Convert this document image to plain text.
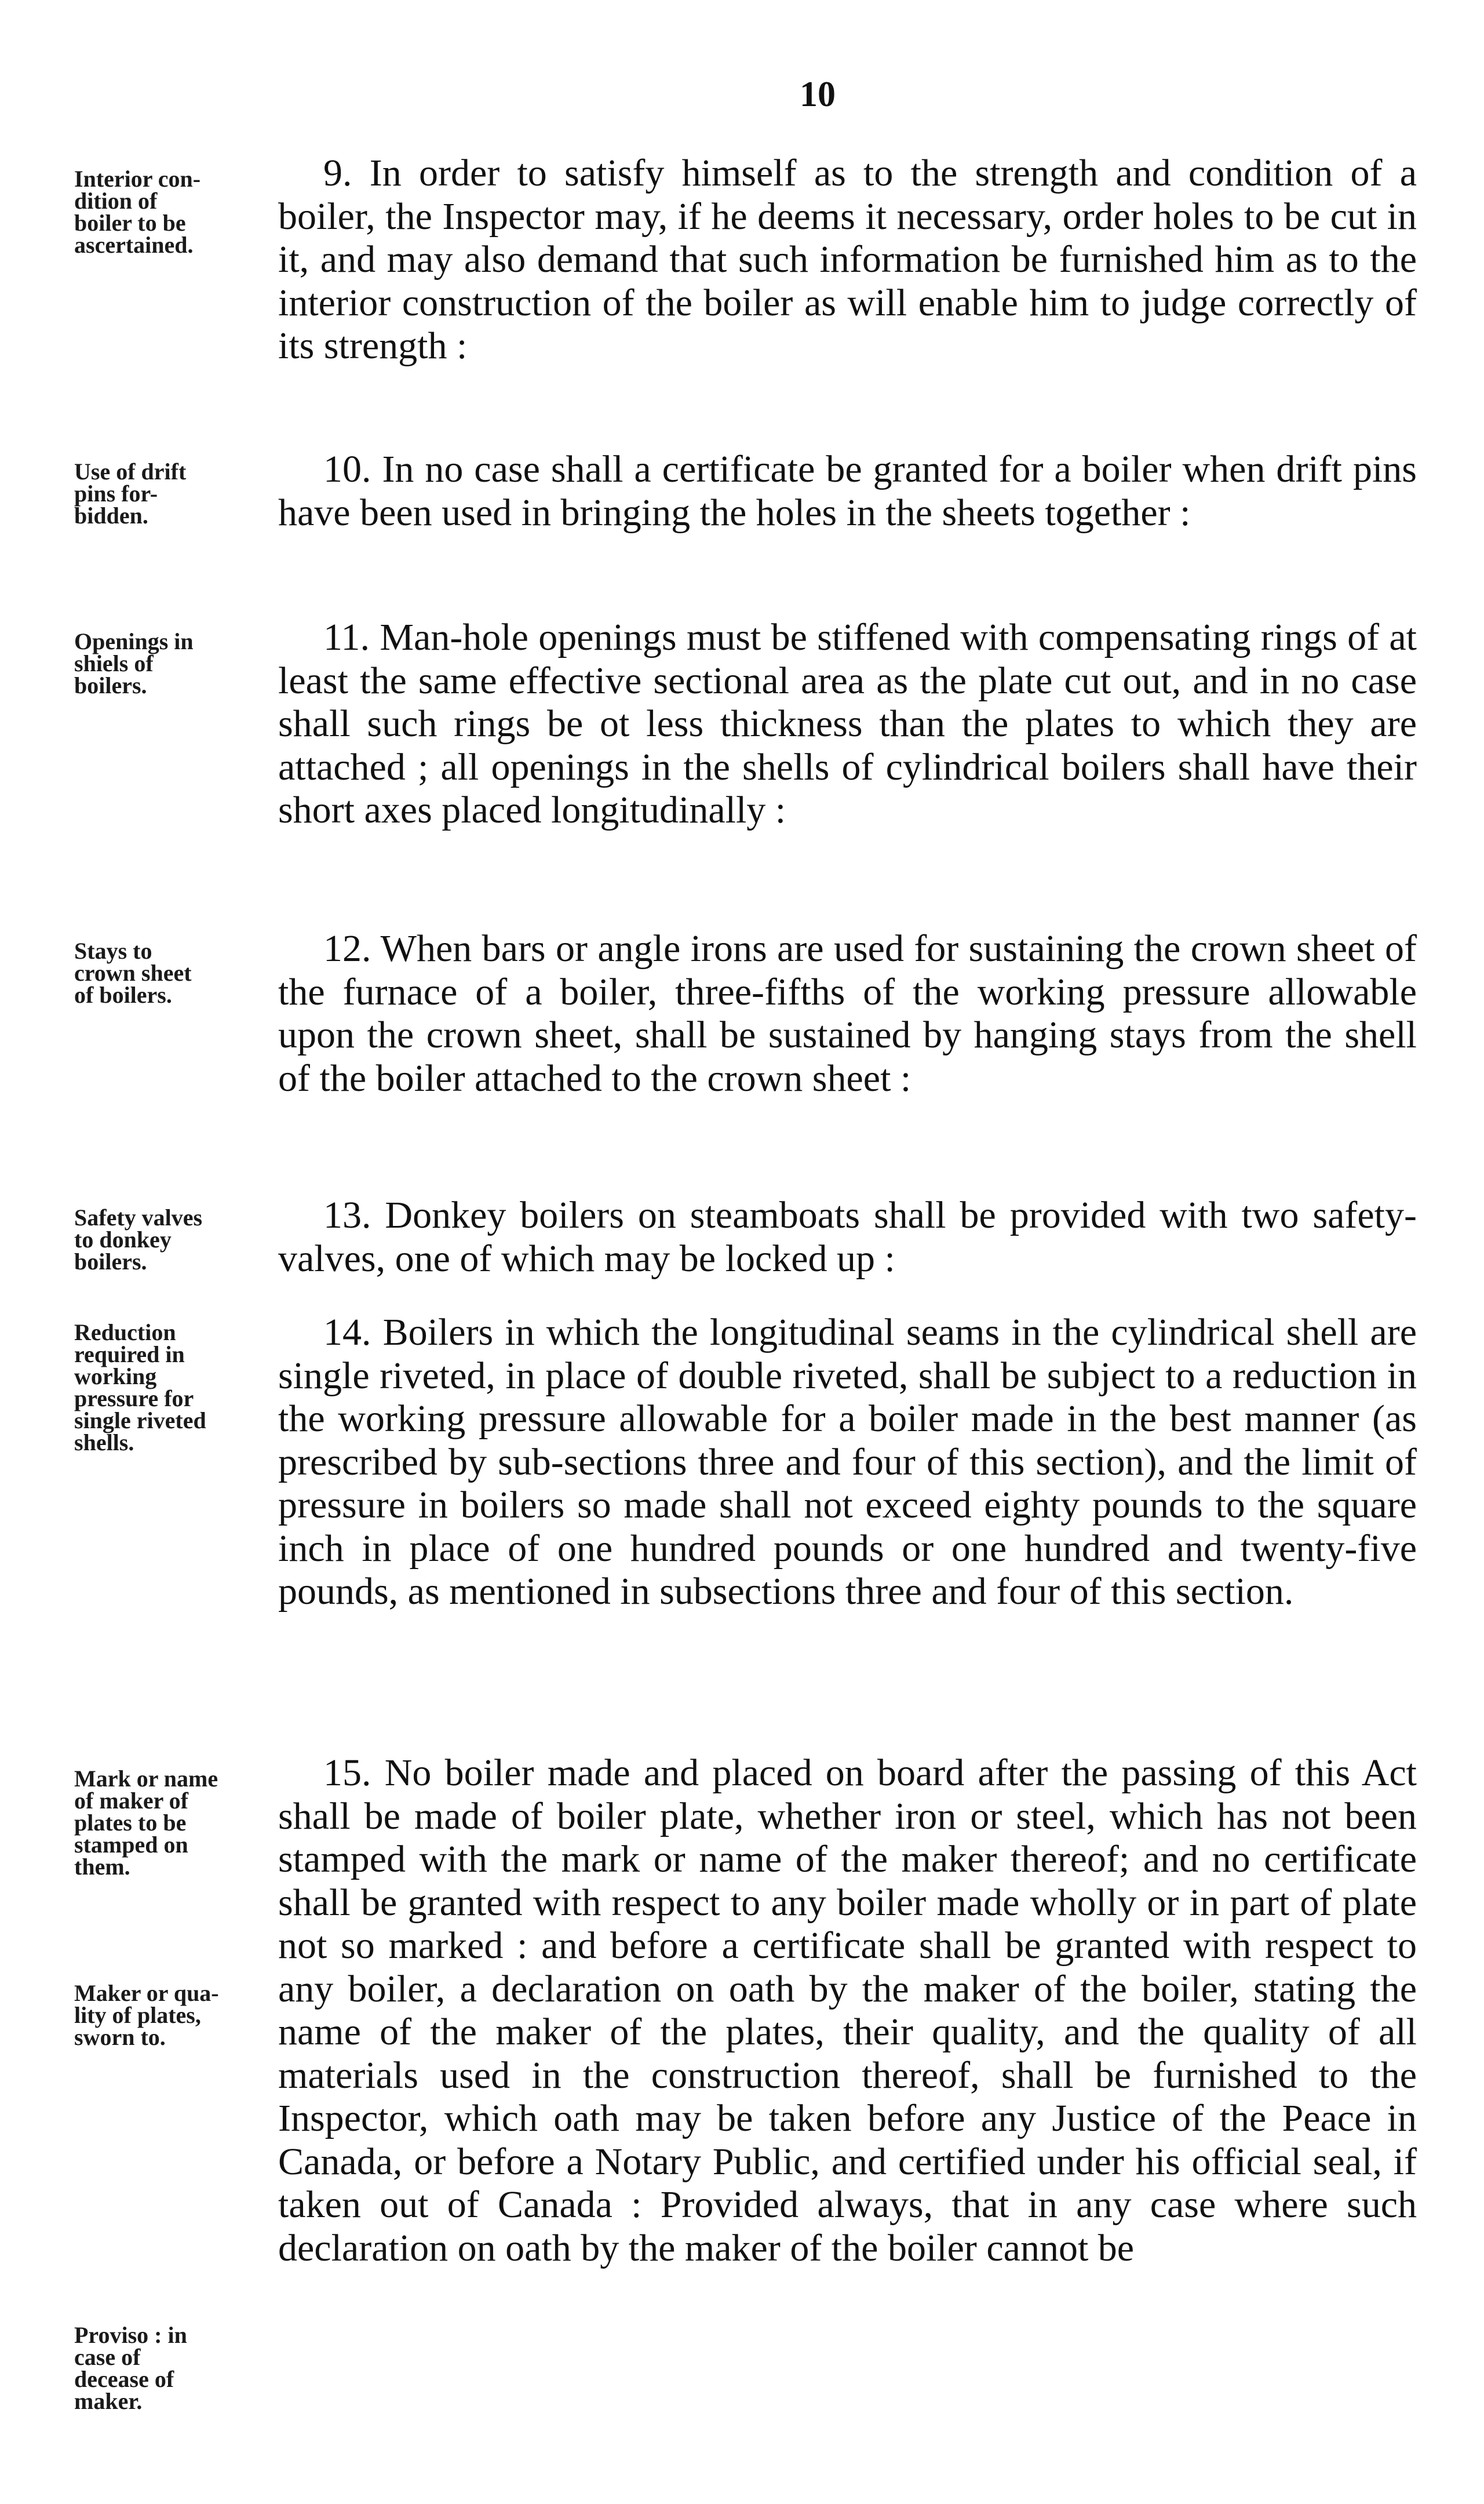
10

Interior con-
dition of
boiler to be
ascertained.

9. In order to satisfy himself as to the strength and condition of a boiler, the Inspector may, if he deems it necessary, order holes to be cut in it, and may also demand that such information be furnished him as to the interior construction of the boiler as will enable him to judge correctly of its strength :

Use of drift
pins for-
bidden.

10. In no case shall a certificate be granted for a boiler when drift pins have been used in bringing the holes in the sheets together :

Openings in
shiels of
boilers.

11. Man-hole openings must be stiffened with compensating rings of at least the same effective sectional area as the plate cut out, and in no case shall such rings be ot less thickness than the plates to which they are attached ; all openings in the shells of cylindrical boilers shall have their short axes placed longitudinally :

Stays to
crown sheet
of boilers.

12. When bars or angle irons are used for sustaining the crown sheet of the furnace of a boiler, three-fifths of the working pressure allowable upon the crown sheet, shall be sustained by hanging stays from the shell of the boiler attached to the crown sheet :

Safety valves
to donkey
boilers.

13. Donkey boilers on steamboats shall be provided with two safety-valves, one of which may be locked up :

Reduction
required in
working
pressure for
single riveted
shells.

14. Boilers in which the longitudinal seams in the cylindrical shell are single riveted, in place of double riveted, shall be subject to a reduction in the working pressure allowable for a boiler made in the best manner (as prescribed by sub-sections three and four of this section), and the limit of pressure in boilers so made shall not exceed eighty pounds to the square inch in place of one hundred pounds or one hundred and twenty-five pounds, as mentioned in subsections three and four of this section.

Mark or name
of maker of
plates to be
stamped on
them.

Maker or qua-
lity of plates,
sworn to.

Proviso : in
case of
decease of
maker.

15. No boiler made and placed on board after the passing of this Act shall be made of boiler plate, whether iron or steel, which has not been stamped with the mark or name of the maker thereof; and no certificate shall be granted with respect to any boiler made wholly or in part of plate not so marked : and before a certificate shall be granted with respect to any boiler, a declaration on oath by the maker of the boiler, stating the name of the maker of the plates, their quality, and the quality of all materials used in the construction thereof, shall be furnished to the Inspector, which oath may be taken before any Justice of the Peace in Canada, or before a Notary Public, and certified under his official seal, if taken out of Canada : Provided always, that in any case where such declaration on oath by the maker of the boiler cannot be
